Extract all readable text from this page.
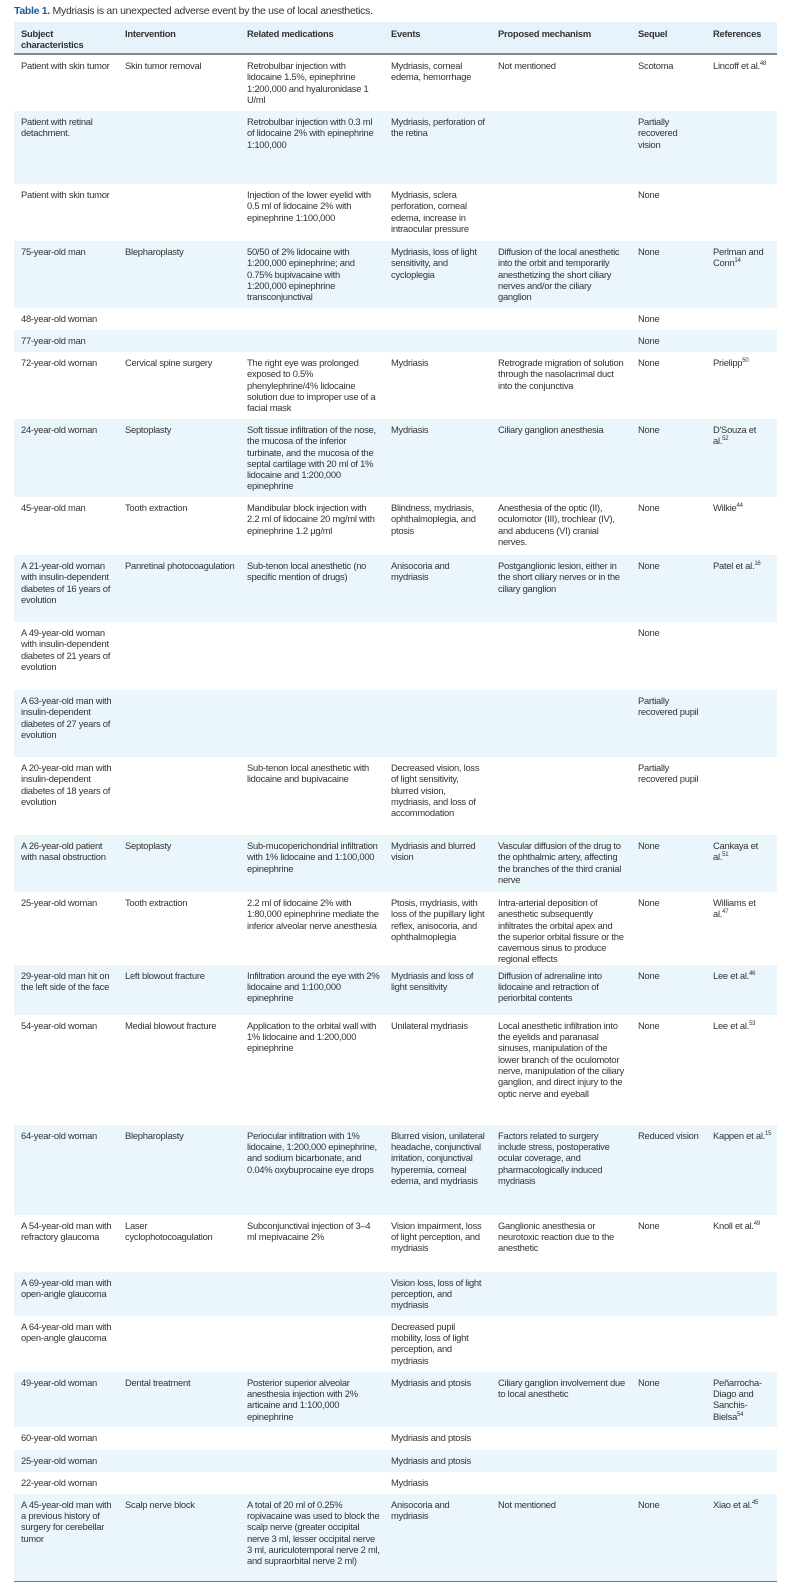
Table 1. Mydriasis is an unexpected adverse event by the use of local anesthetics.
Subject characteristics	Intervention	Related medications	Events	Proposed mechanism	Sequel	References
Patient with skin tumor	Skin tumor removal	Retrobulbar injection with lidocaine 1.5%, epinephrine 1:200,000 and hyaluronidase 1 U/ml	Mydriasis, corneal edema, hemorrhage	Not mentioned	Scotoma	Lincoff et al.$^{48}$
Patient with retinal detachment.		Retrobulbar injection with 0.3 ml of lidocaine 2% with epinephrine 1:100,000	Mydriasis, perforation of the retina		Partially recovered vision	
Patient with skin tumor		Injection of the lower eyelid with 0.5 ml of lidocaine 2% with epinephrine 1:100,000	Mydriasis, sclera perforation, corneal edema, increase in intraocular pressure		None	
75-year-old man	Blepharoplasty	50/50 of 2% lidocaine with 1:200,000 epinephrine; and 0.75% bupivacaine with 1:200,000 epinephrine transconjunctival	Mydriasis, loss of light sensitivity, and cycloplegia	Diffusion of the local anesthetic into the orbit and temporarily anesthetizing the short ciliary nerves and/or the ciliary ganglion	None	Perlman and Conn$^{14}$
48-year-old woman					None	
77-year-old man					None	
72-year-old woman	Cervical spine surgery	The right eye was prolonged exposed to 0.5% phenylephrine/4% lidocaine solution due to improper use of a facial mask	Mydriasis	Retrograde migration of solution through the nasolacrimal duct into the conjunctiva	None	Prielipp$^{50}$
24-year-old woman	Septoplasty	Soft tissue infiltration of the nose, the mucosa of the inferior turbinate, and the mucosa of the septal cartilage with 20 ml of 1% lidocaine and 1:200,000 epinephrine	Mydriasis	Ciliary ganglion anesthesia	None	D'Souza et al.$^{52}$
45-year-old man	Tooth extraction	Mandibular block injection with 2.2 ml of lidocaine 20 mg/ml with epinephrine 1.2 µg/ml	Blindness, mydriasis, ophthalmoplegia, and ptosis	Anesthesia of the optic (II), oculomotor (III), trochlear (IV), and abducens (VI) cranial nerves.	None	Wilkie$^{44}$
A 21-year-old woman with insulin-dependent diabetes of 16 years of evolution	Panretinal photocoagulation	Sub-tenon local anesthetic (no specific mention of drugs)	Anisocoria and mydriasis	Postganglionic lesion, either in the short ciliary nerves or in the ciliary ganglion	None	Patel et al.$^{16}$
A 49-year-old woman with insulin-dependent diabetes of 21 years of evolution					None	
A 63-year-old man with insulin-dependent diabetes of 27 years of evolution					Partially recovered pupil	
A 20-year-old man with insulin-dependent diabetes of 18 years of evolution		Sub-tenon local anesthetic with lidocaine and bupivacaine	Decreased vision, loss of light sensitivity, blurred vision, mydriasis, and loss of accommodation		Partially recovered pupil	
A 26-year-old patient with nasal obstruction	Septoplasty	Sub-mucoperichondrial infiltration with 1% lidocaine and 1:100,000 epinephrine	Mydriasis and blurred vision	Vascular diffusion of the drug to the ophthalmic artery, affecting the branches of the third cranial nerve	None	Cankaya et al.$^{51}$
25-year-old woman	Tooth extraction	2.2 ml of lidocaine 2% with 1:80,000 epinephrine mediate the inferior alveolar nerve anesthesia	Ptosis, mydriasis, with loss of the pupillary light reflex, anisocoria, and ophthalmoplegia	Intra-arterial deposition of anesthetic subsequently infiltrates the orbital apex and the superior orbital fissure or the cavernous sinus to produce regional effects	None	Williams et al.$^{47}$
29-year-old man hit on the left side of the face	Left blowout fracture	Infiltration around the eye with 2% lidocaine and 1:100,000 epinephrine	Mydriasis and loss of light sensitivity	Diffusion of adrenaline into lidocaine and retraction of periorbital contents	None	Lee et al.$^{46}$
54-year-old woman	Medial blowout fracture	Application to the orbital wall with 1% lidocaine and 1:200,000 epinephrine	Unilateral mydriasis	Local anesthetic infiltration into the eyelids and paranasal sinuses, manipulation of the lower branch of the oculomotor nerve, manipulation of the ciliary ganglion, and direct injury to the optic nerve and eyeball	None	Lee et al.$^{53}$
64-year-old woman	Blepharoplasty	Periocular infiltration with 1% lidocaine, 1:200,000 epinephrine, and sodium bicarbonate, and 0.04% oxybuprocaine eye drops	Blurred vision, unilateral headache, conjunctival irritation, conjunctival hyperemia, corneal edema, and mydriasis	Factors related to surgery include stress, postoperative ocular coverage, and pharmacologically induced mydriasis	Reduced vision	Kappen et al.$^{15}$
A 54-year-old man with refractory glaucoma	Laser cyclophotocoagulation	Subconjunctival injection of 3–4 ml mepivacaine 2%	Vision impairment, loss of light perception, and mydriasis	Ganglionic anesthesia or neurotoxic reaction due to the anesthetic	None	Knoll et al.$^{49}$
A 69-year-old man with open-angle glaucoma			Vision loss, loss of light perception, and mydriasis			
A 64-year-old man with open-angle glaucoma			Decreased pupil mobility, loss of light perception, and mydriasis			
49-year-old woman	Dental treatment	Posterior superior alveolar anesthesia injection with 2% articaine and 1:100,000 epinephrine	Mydriasis and ptosis	Ciliary ganglion involvement due to local anesthetic	None	Peñarrocha-Diago and Sanchis-Bielsa$^{54}$
60-year-old woman			Mydriasis and ptosis			
25-year-old woman			Mydriasis and ptosis			
22-year-old woman			Mydriasis			
A 45-year-old man with a previous history of surgery for cerebellar tumor	Scalp nerve block	A total of 20 ml of 0.25% ropivacaine was used to block the scalp nerve (greater occipital nerve 3 ml, lesser occipital nerve 3 ml, auriculotemporal nerve 2 ml, and supraorbital nerve 2 ml)	Anisocoria and mydriasis	Not mentioned	None	Xiao et al.$^{45}$
